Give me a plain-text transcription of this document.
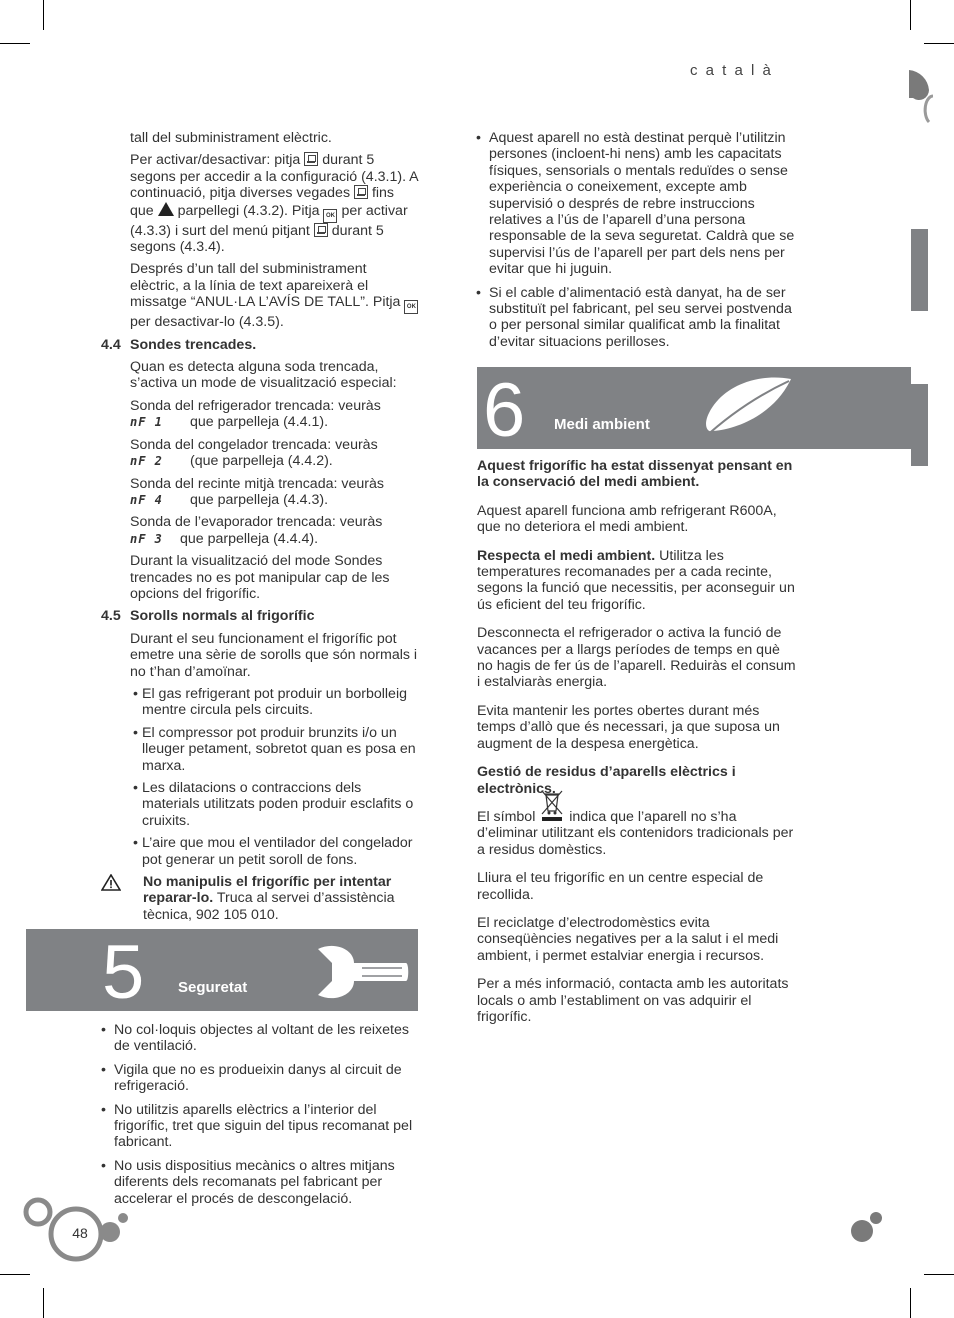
c a t a l à

tall del subministrament elèctric.

Per activar/desactivar: pitja durant 5 segons per accedir a la configuració (4.3.1). A continuació, pitja diverses vegades fins que parpellegi (4.3.2). Pitja OK per activar (4.3.3) i surt del menú pitjant durant 5 segons (4.3.4).

Després d’un tall del subministrament elèctric, a la línia de text apareixerà el missatge “ANUL·LA L’AVÍS DE TALL”. Pitja OK per desactivar-lo (4.3.5).

4.4 Sondes trencades.

Quan es detecta alguna soda trencada, s’activa un mode de visualització especial:

Sonda del refrigerador trencada: veuràs
nF 1 que parpelleja (4.4.1).

Sonda del congelador trencada: veuràs
nF 2 (que parpelleja (4.4.2).

Sonda del recinte mitjà trencada: veuràs
nF 4 que parpelleja (4.4.3).

Sonda de l’evaporador trencada: veuràs
nF 3 que parpelleja (4.4.4).

Durant la visualització del mode Sondes trencades no es pot manipular cap de les opcions del frigorífic.

4.5 Sorolls normals al frigorífic

Durant el seu funcionament el frigorífic pot emetre una sèrie de sorolls que són normals i no t’han d’amoïnar.

• El gas refrigerant pot produir un borbolleig mentre circula pels circuits.
• El compressor pot produir brunzits i/o un lleuger petament, sobretot quan es posa en marxa.
• Les dilatacions o contraccions dels materials utilitzats poden produir esclafits o cruixits.
• L’aire que mou el ventilador del congelador pot generar un petit soroll de fons.
No manipulis el frigorífic per intentar reparar-lo. Truca al servei d’assistència tècnica, 902 105 010.
5 Seguretat
• No col·loquis objectes al voltant de les reixetes de ventilació.
• Vigila que no es produeixin danys al circuit de refrigeració.
• No utilitzis aparells elèctrics a l’interior del frigorífic, tret que siguin del tipus recomanat pel fabricant.
• No usis dispositius mecànics o altres mitjans diferents dels recomanats pel fabricant per accelerar el procés de descongelació.
• Aquest aparell no està destinat perquè l’utilitzin persones (incloent-hi nens) amb les capacitats físiques, sensorials o mentals reduïdes o sense experiència o coneixement, excepte amb supervisió o després de rebre instruccions relatives a l’ús de l’aparell d’una persona responsable de la seva seguretat. Caldrà que se supervisi l’ús de l’aparell per part dels nens per evitar que hi juguin.
• Si el cable d’alimentació està danyat, ha de ser substituït pel fabricant, pel seu servei postvenda o per personal similar qualificat amb la finalitat d’evitar situacions perilloses.
6 Medi ambient

Aquest frigorífic ha estat dissenyat pensant en la conservació del medi ambient.

Aquest aparell funciona amb refrigerant R600A, que no deteriora el medi ambient.

Respecta el medi ambient. Utilitza les temperatures recomanades per a cada recinte, segons la funció que necessitis, per aconseguir un ús eficient del teu frigorífic.

Desconnecta el refrigerador o activa la funció de vacances per a llargs períodes de temps en què no hagis de fer ús de l’aparell. Reduiràs el consum i estalviaràs energia.

Evita mantenir les portes obertes durant més temps d’allò que és necessari, ja que suposa un augment de la despesa energètica.

Gestió de residus d’aparells elèctrics i electrònics.

El símbol indica que l’aparell no s’ha d’eliminar utilitzant els contenidors tradicionals per a residus domèstics.

Lliura el teu frigorífic en un centre especial de recollida.

El reciclatge d’electrodomèstics evita conseqüències negatives per a la salut i el medi ambient, i permet estalviar energia i recursos.

Per a més informació, contacta amb les autoritats locals o amb l’establiment on vas adquirir el frigorífic.

48
